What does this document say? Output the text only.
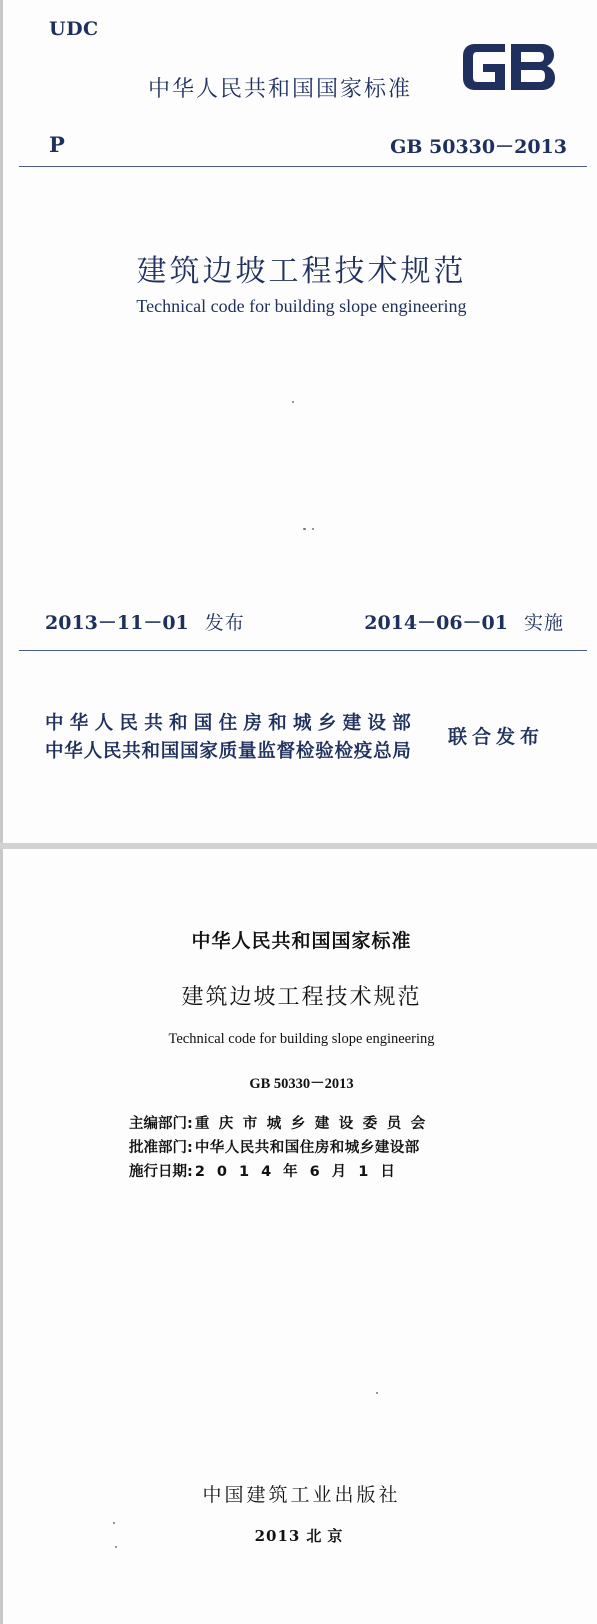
UDC
中华人民共和国国家标准
P	GB 50330－2013
建筑边坡工程技术规范
Technical code for building slope engineering
2013－11－01 发布	2014－06－01 实施
中华人民共和国住房和城乡建设部
中华人民共和国国家质量监督检验检疫总局
联合发布
中华人民共和国国家标准
建筑边坡工程技术规范
Technical code for building slope engineering
GB 50330－2013
主编部门: 重庆市城乡建设委员会
批准部门: 中华人民共和国住房和城乡建设部
施行日期: 2014年6月1日
中国建筑工业出版社
2013 北京
